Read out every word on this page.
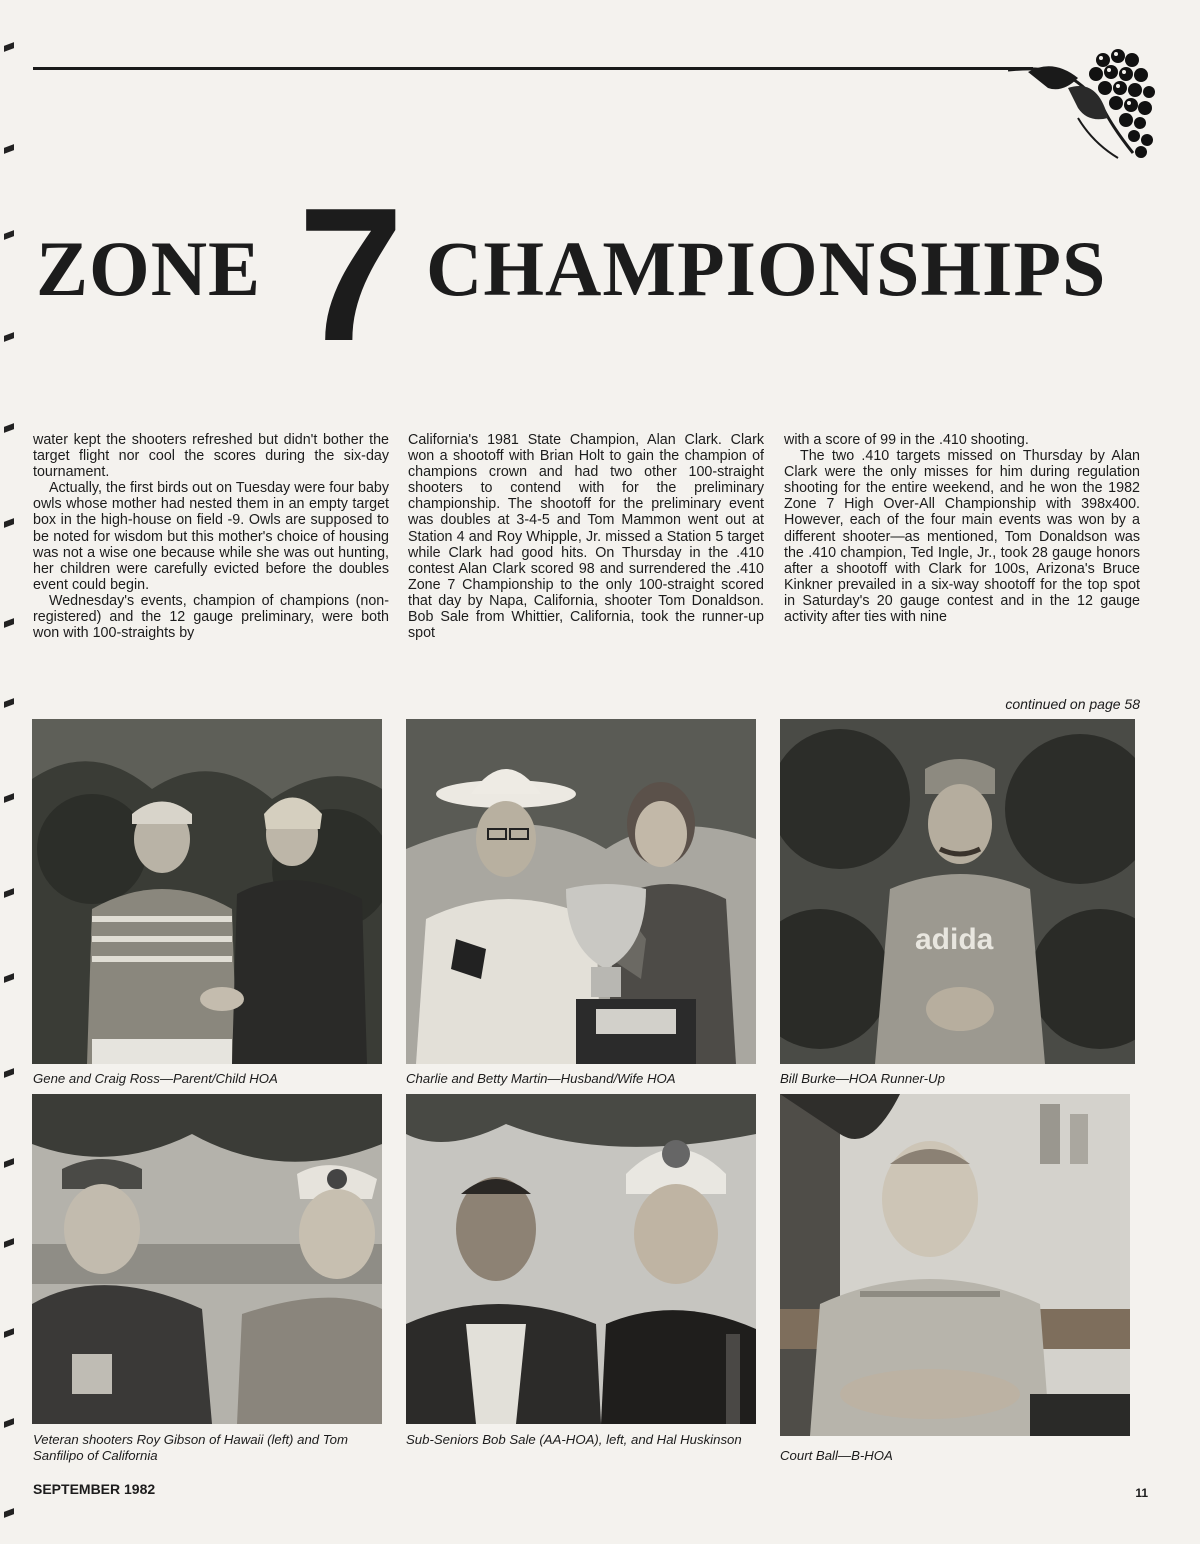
ZONE 7 CHAMPIONSHIPS

water kept the shooters refreshed but didn't bother the target flight nor cool the scores during the six-day tournament.

Actually, the first birds out on Tuesday were four baby owls whose mother had nested them in an empty target box in the high-house on field -9. Owls are supposed to be noted for wisdom but this mother's choice of housing was not a wise one because while she was out hunting, her children were carefully evicted before the doubles event could begin.

Wednesday's events, champion of champions (non-registered) and the 12 gauge preliminary, were both won with 100-straights by

California's 1981 State Champion, Alan Clark. Clark won a shootoff with Brian Holt to gain the champion of champions crown and had two other 100-straight shooters to contend with for the preliminary championship. The shootoff for the preliminary event was doubles at 3-4-5 and Tom Mammon went out at Station 4 and Roy Whipple, Jr. missed a Station 5 target while Clark had good hits. On Thursday in the .410 contest Alan Clark scored 98 and surrendered the .410 Zone 7 Championship to the only 100-straight scored that day by Napa, California, shooter Tom Donaldson. Bob Sale from Whittier, California, took the runner-up spot

with a score of 99 in the .410 shooting.

The two .410 targets missed on Thursday by Alan Clark were the only misses for him during regulation shooting for the entire weekend, and he won the 1982 Zone 7 High Over-All Championship with 398x400. However, each of the four main events was won by a different shooter—as mentioned, Tom Donaldson was the .410 champion, Ted Ingle, Jr., took 28 gauge honors after a shootoff with Clark for 100s, Arizona's Bruce Kinkner prevailed in a six-way shootoff for the top spot in Saturday's 20 gauge contest and in the 12 gauge activity after ties with nine

continued on page 58
Gene and Craig Ross—Parent/Child HOA	Charlie and Betty Martin—Husband/Wife HOA
adida
Bill Burke—HOA Runner-Up
Veteran shooters Roy Gibson of Hawaii (left) and Tom Sanfilipo of California
Sub-Seniors Bob Sale (AA-HOA), left, and Hal Huskinson
Court Ball—B-HOA
SEPTEMBER 1982	11
